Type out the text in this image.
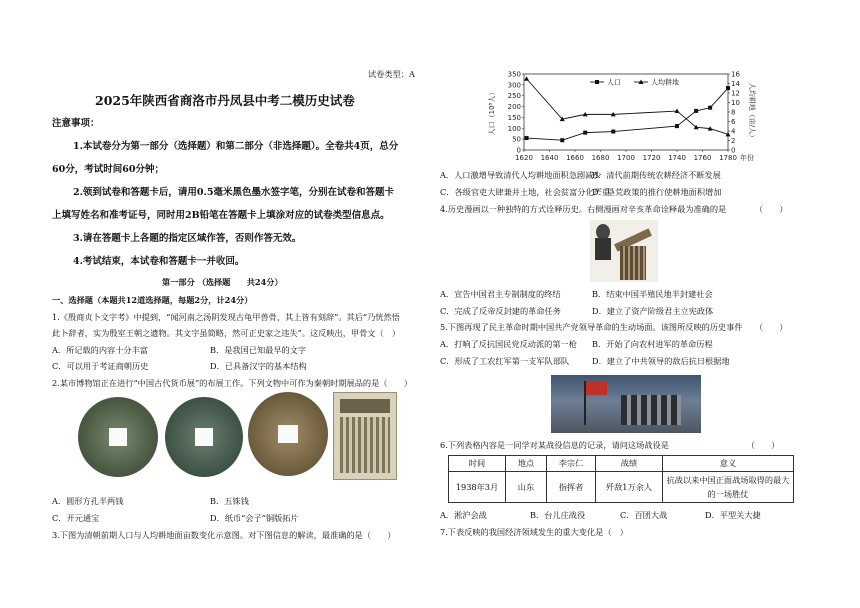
试卷类型：A
2025年陕西省商洛市丹凤县中考二模历史试卷
注意事项：
1.本试卷分为第一部分（选择题）和第二部分（非选择题）。全卷共4页，总分
60分，考试时间60分钟；
2.领到试卷和答题卡后，请用0.5毫米黑色墨水签字笔，分别在试卷和答题卡
上填写姓名和准考证号，同时用2B铅笔在答题卡上填涂对应的试卷类型信息点。
3.请在答题卡上各题的指定区域作答，否则作答无效。
4.考试结束，本试卷和答题卡一并收回。
第一部分 （选择题　　共24分）
一、选择题（本题共12道选择题，每题2分，计24分）
1.《殷商贞卜文字考》中提到，“闻河南之汤阴发现古龟甲兽骨，其上皆有刻辞”。其后“乃恍然悟
此卜辞者，实为殷室王朝之遗物。其文字虽简略，然可正史家之违失”。这反映出，甲骨文（　）
A．所记载的内容十分丰富	B．是我国已知最早的文字
C．可以用于考证商朝历史	D．已具备汉字的基本结构
2.某市博物馆正在进行“中国古代货币展”的布展工作。下列文物中可作为秦朝时期展品的是（　　）
A．圆形方孔半两钱	B．五铢钱
C．开元通宝	D．纸币“会子”铜版拓片
3.下图为清朝前期人口与人均耕地面亩数变化示意图。对下图信息的解读，最准确的是（　　）
0
50
100
150
200
250
300
350
0
2
4
6
8
10
12
14
16
1620 1640 1660 1680 1700 1720 1740 1760 1780 年份
人口（10⁸人）	人均耕地（亩/人）
人口	人均耕地
A．人口激增导致清代人均耕地面积急剧减少
B．清代前期传统农耕经济不断发展
C．各级官吏大肆兼并土地，社会贫富分化严重
D．垦荒政策的推行使耕地面积增加
4.历史漫画以一种独特的方式诠释历史。右侧漫画对辛亥革命诠释最为准确的是　　　　（　　）
A．宣告中国君主专制制度的终结	B．结束中国半殖民地半封建社会
C．完成了反帝反封建的革命任务	D．建立了资产阶级君主立宪政体
5.下图再现了民主革命时期中国共产党领导革命的生动场面。该图所反映的历史事件　　（　　）
A．打响了反抗国民党反动派的第一枪 B．开始了向农村进军的革命历程
C．形成了工农红军第一支军队部队	D．建立了中共领导的敌后抗日根据地
6.下列表格内容是一同学对某战役信息的记录，请问这场战役是　　　　　　　　　　（　　）
时间	地点	李宗仁	战绩	意义
1938年3月	山东	指挥者	歼敌1万余人	抗战以来中国正面战场取得的最大
的一场胜仗
A．淞沪会战	B．台儿庄战役	C．百团大战	D．平型关大捷
7.下表反映的我国经济领域发生的重大变化是（　）
